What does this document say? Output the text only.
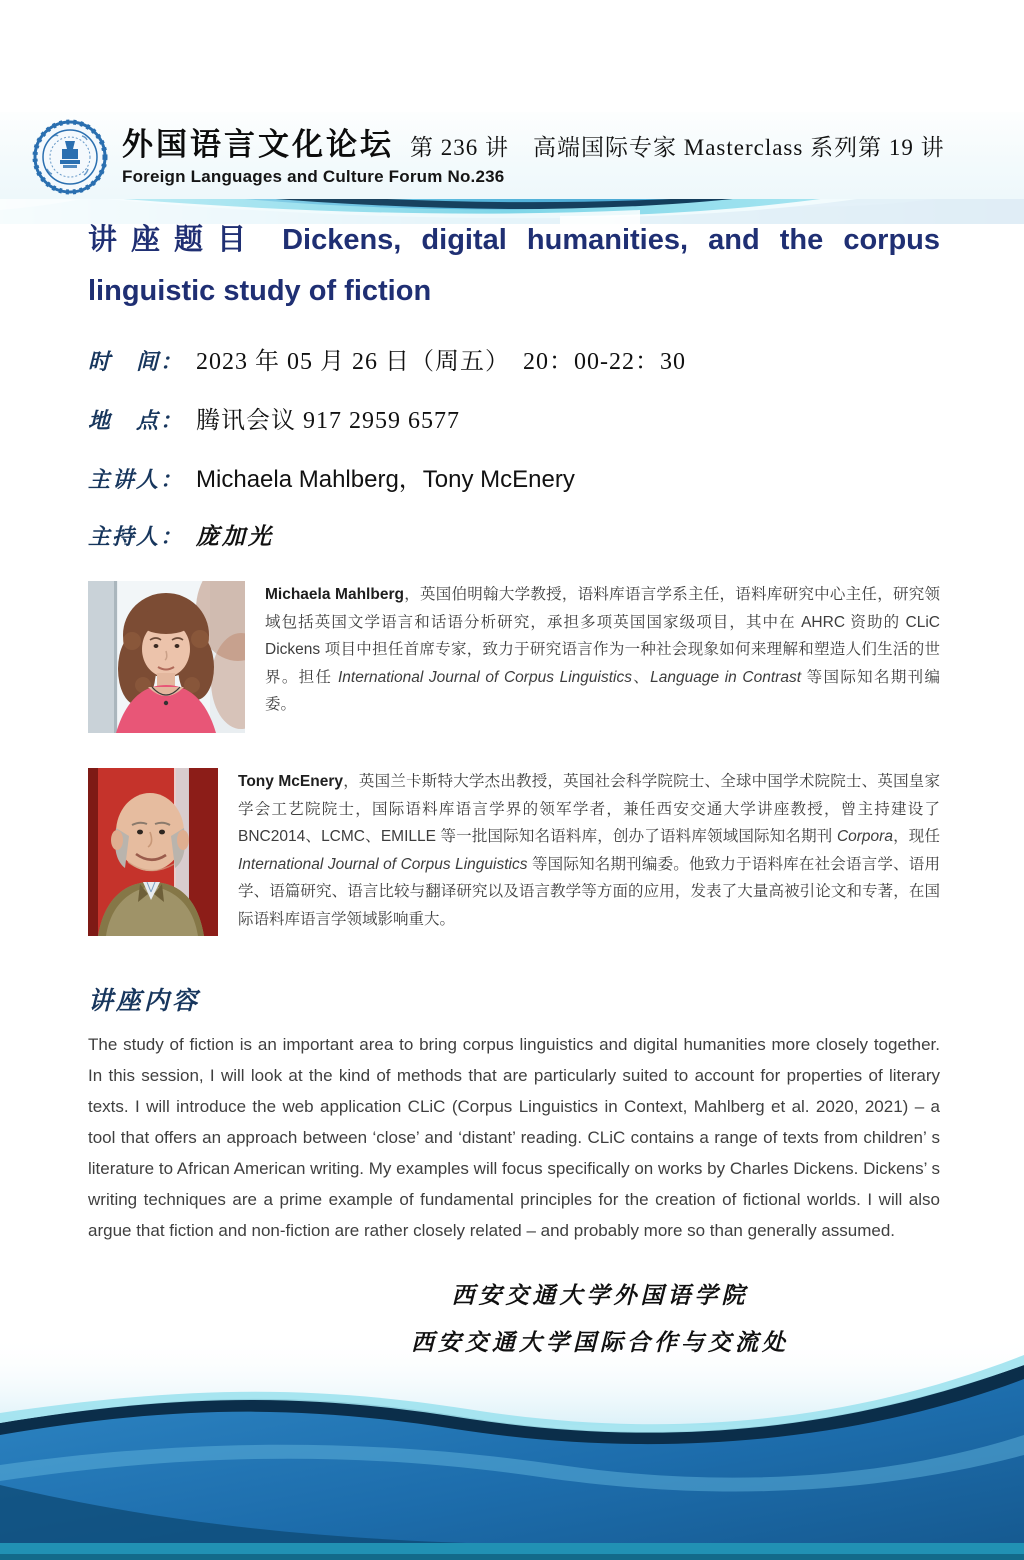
外国语言文化论坛 第 236 讲　高端国际专家 Masterclass 系列第 19 讲
Foreign Languages and Culture Forum No.236
讲座题目 Dickens, digital humanities, and the corpus linguistic study of fiction
时　间： 2023 年 05 月 26 日（周五）　20：00-22：30
地　点： 腾讯会议 917 2959 6577
主讲人： Michaela Mahlberg，Tony McEnery
主持人： 庞加光
Michaela Mahlberg，英国伯明翰大学教授，语料库语言学系主任，语料库研究中心主任，研究领域包括英国文学语言和话语分析研究，承担多项英国国家级项目，其中在 AHRC 资助的 CLiC Dickens 项目中担任首席专家，致力于研究语言作为一种社会现象如何来理解和塑造人们生活的世界。担任 International Journal of Corpus Linguistics、Language in Contrast 等国际知名期刊编委。
Tony McEnery，英国兰卡斯特大学杰出教授，英国社会科学院院士、全球中国学术院院士、英国皇家学会工艺院院士，国际语料库语言学界的领军学者，兼任西安交通大学讲座教授，曾主持建设了 BNC2014、LCMC、EMILLE 等一批国际知名语料库，创办了语料库领域国际知名期刊 Corpora，现任 International Journal of Corpus Linguistics 等国际知名期刊编委。他致力于语料库在社会语言学、语用学、语篇研究、语言比较与翻译研究以及语言教学等方面的应用，发表了大量高被引论文和专著，在国际语料库语言学领域影响重大。
讲座内容
The study of fiction is an important area to bring corpus linguistics and digital humanities more closely together. In this session, I will look at the kind of methods that are particularly suited to account for properties of literary texts. I will introduce the web application CLiC (Corpus Linguistics in Context, Mahlberg et al. 2020, 2021) – a tool that offers an approach between ‘close’ and ‘distant’ reading. CLiC contains a range of texts from children’ s literature to African American writing. My examples will focus specifically on works by Charles Dickens. Dickens’ s writing techniques are a prime example of fundamental principles for the creation of fictional worlds. I will also argue that fiction and non-fiction are rather closely related – and probably more so than generally assumed.
西安交通大学外国语学院
西安交通大学国际合作与交流处
